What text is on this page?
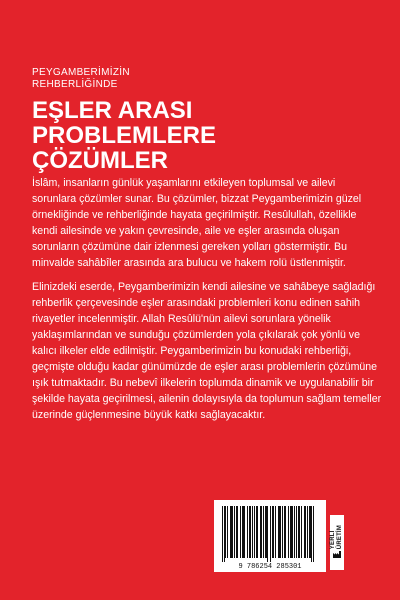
PEYGAMBERİMİZİN
REHBERLİĞİNDE
EŞLER ARASI
PROBLEMLERE
ÇÖZÜMLER

İslâm, insanların günlük yaşamlarını etkileyen toplumsal ve ailevi sorunlara çözümler sunar. Bu çözümler, bizzat Peygamberimizin güzel örnekliğinde ve rehberliğinde hayata geçirilmiştir. Resûlullah, özellikle kendi ailesinde ve yakın çevresinde, aile ve eşler arasında oluşan sorunların çözümüne dair izlenmesi gereken yolları göstermiştir. Bu minvalde sahâbîler arasında ara bulucu ve hakem rolü üstlenmiştir.

Elinizdeki eserde, Peygamberimizin kendi ailesine ve sahâbeye sağladığı rehberlik çerçevesinde eşler arasındaki problemleri konu edinen sahih rivayetler incelenmiştir. Allah Resûlü'nün ailevi sorunlara yönelik yaklaşımlarından ve sunduğu çözümlerden yola çıkılarak çok yönlü ve kalıcı ilkeler elde edilmiştir. Peygamberimizin bu konudaki rehberliği, geçmişte olduğu kadar günümüzde de eşler arası problemlerin çözümüne ışık tutmaktadır. Bu nebevî ilkelerin toplumda dinamik ve uygulanabilir bir şekilde hayata geçirilmesi, ailenin dolayısıyla da toplumun sağlam temeller üzerinde güçlenmesine büyük katkı sağlayacaktır.

9 786254 285301
YERLİ
ÜRETİM
